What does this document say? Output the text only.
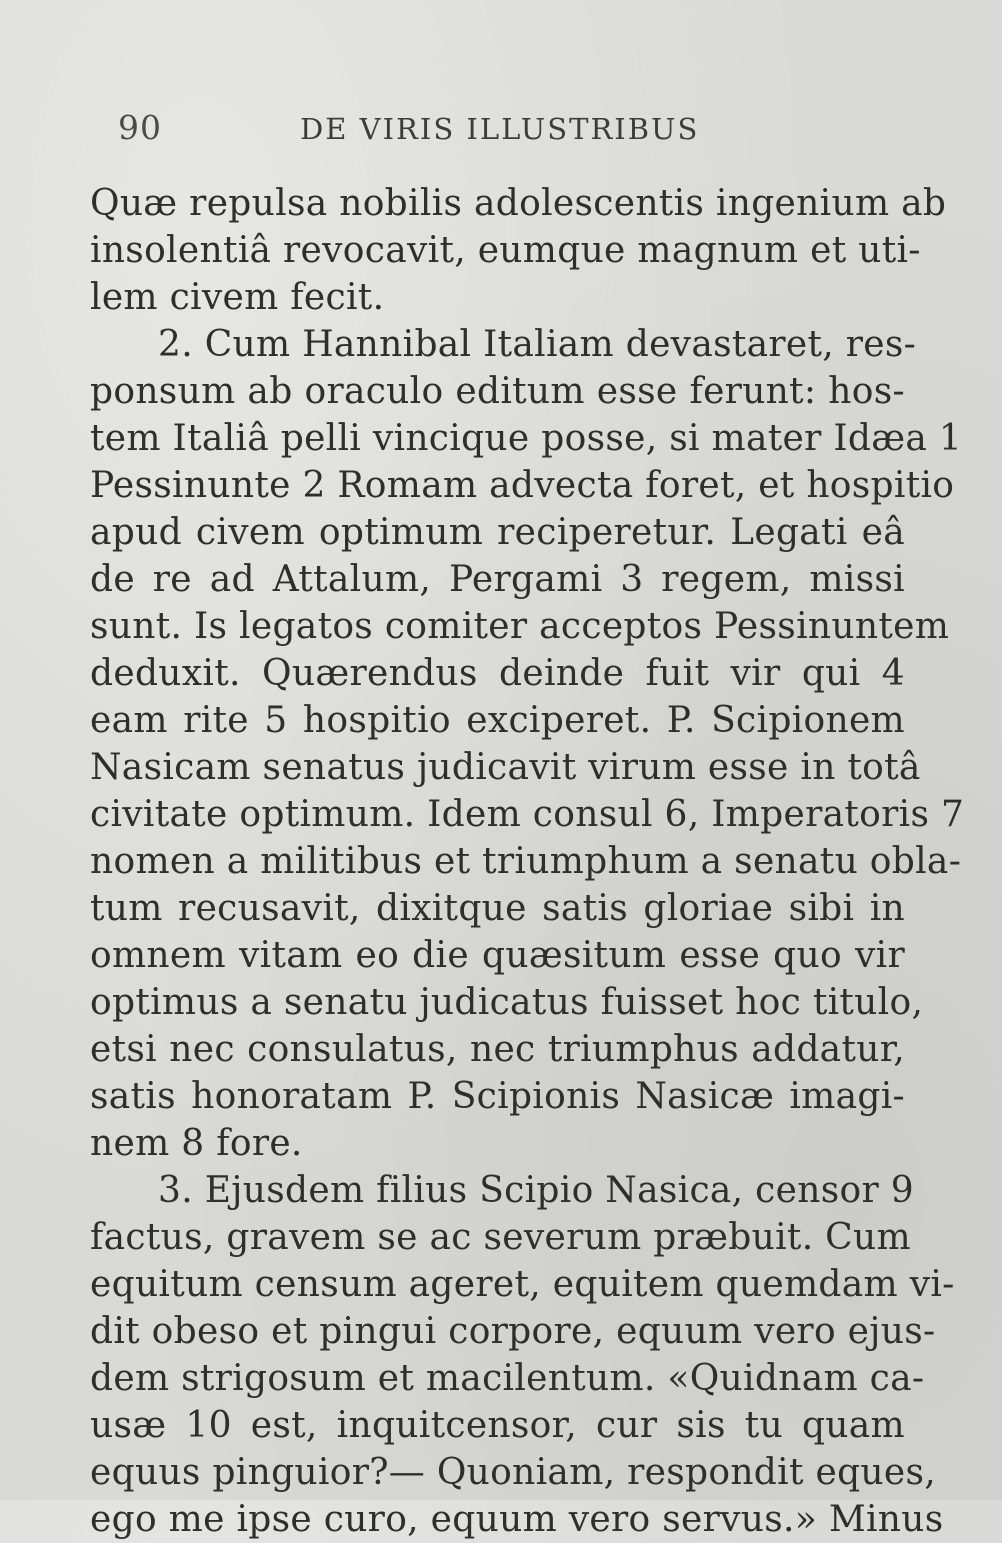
90	DE VIRIS ILLUSTRIBUS
Quæ repulsa nobilis adolescentis ingenium ab
insolentiâ revocavit, eumque magnum et uti-
lem civem fecit.
2. Cum Hannibal Italiam devastaret, res-
ponsum ab oraculo editum esse ferunt: hos-
tem Italiâ pelli vincique posse, si mater Idæa 1
Pessinunte 2 Romam advecta foret, et hospitio
apud civem optimum reciperetur. Legati eâ
de re ad Attalum, Pergami 3 regem, missi
sunt. Is legatos comiter acceptos Pessinuntem
deduxit. Quærendus deinde fuit vir qui 4
eam rite 5 hospitio exciperet. P. Scipionem
Nasicam senatus judicavit virum esse in totâ
civitate optimum. Idem consul 6, Imperatoris 7
nomen a militibus et triumphum a senatu obla-
tum recusavit, dixitque satis gloriae sibi in
omnem vitam eo die quæsitum esse quo vir
optimus a senatu judicatus fuisset hoc titulo,
etsi nec consulatus, nec triumphus addatur,
satis honoratam P. Scipionis Nasicæ imagi-
nem 8 fore.
3. Ejusdem filius Scipio Nasica, censor 9
factus, gravem se ac severum præbuit. Cum
equitum censum ageret, equitem quemdam vi-
dit obeso et pingui corpore, equum vero ejus-
dem strigosum et macilentum. «Quidnam ca-
usæ 10 est, inquitcensor, cur sis tu quam
equus pinguior?— Quoniam, respondit eques,
ego me ipse curo, equum vero servus.» Minus
